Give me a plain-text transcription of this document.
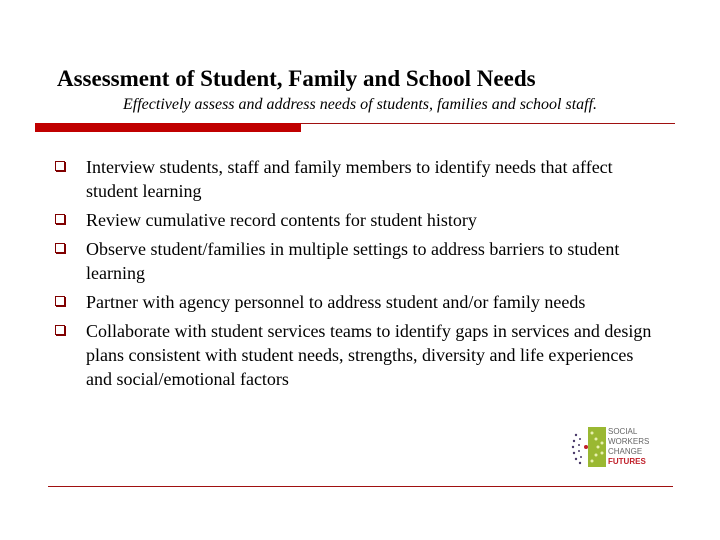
Assessment of Student, Family and School Needs
Effectively assess and address needs of students, families and school staff.
Interview students, staff and family members to identify needs that affect student learning
Review cumulative record contents for student history
Observe student/families in multiple settings to address barriers to student learning
Partner with agency personnel to address student and/or family needs
Collaborate with student services teams to identify gaps in services and design plans consistent with student needs, strengths, diversity and life experiences and social/emotional factors
SOCIAL
WORKERS
CHANGE
FUTURES
